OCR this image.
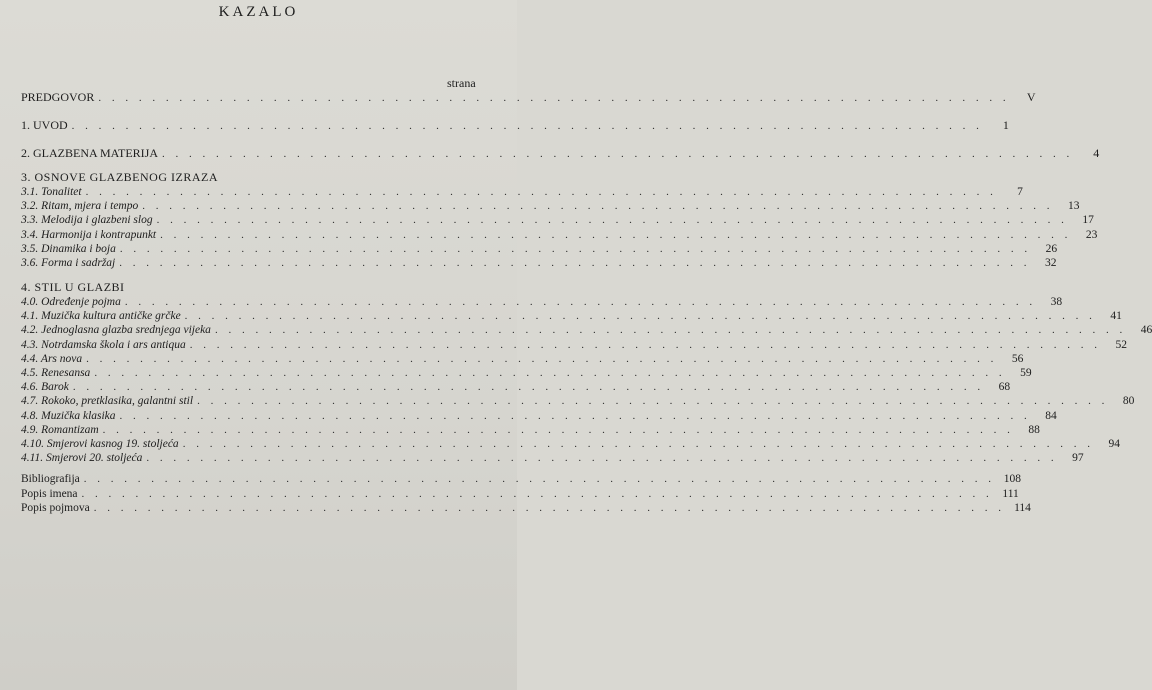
KAZALO
strana
PREDGOVOR . . . . . . . . . . . . . . . . . . . . . . . . . . . . . . . . . . . . . . . . . . . . . . . . . . . . . . . . . . . . . . . . . . . .	V
1. UVOD . . . . . . . . . . . . . . . . . . . . . . . . . . . . . . . . . . . . . . . . . . . . . . . . . . . . . . . . . . . . . . . . . . . .	1
2. GLAZBENA MATERIJA . . . . . . . . . . . . . . . . . . . . . . . . . . . . . . . . . . . . . . . . . . . . . . . . . . . . . . . . . . . . . . . . . . . .	4
3. OSNOVE GLAZBENOG IZRAZA
3.1. Tonalitet . . . . . . . . . . . . . . . . . . . . . . . . . . . . . . . . . . . . . . . . . . . . . . . . . . . . . . . . . . . . . . . . . . . .	7
3.2. Ritam, mjera i tempo . . . . . . . . . . . . . . . . . . . . . . . . . . . . . . . . . . . . . . . . . . . . . . . . . . . . . . . . . . . . . . . . . . . .	13
3.3. Melodija i glazbeni slog . . . . . . . . . . . . . . . . . . . . . . . . . . . . . . . . . . . . . . . . . . . . . . . . . . . . . . . . . . . . . . . . . . . .	17
3.4. Harmonija i kontrapunkt . . . . . . . . . . . . . . . . . . . . . . . . . . . . . . . . . . . . . . . . . . . . . . . . . . . . . . . . . . . . . . . . . . . .	23
3.5. Dinamika i boja . . . . . . . . . . . . . . . . . . . . . . . . . . . . . . . . . . . . . . . . . . . . . . . . . . . . . . . . . . . . . . . . . . . .	26
3.6. Forma i sadržaj . . . . . . . . . . . . . . . . . . . . . . . . . . . . . . . . . . . . . . . . . . . . . . . . . . . . . . . . . . . . . . . . . . . .	32
4. STIL U GLAZBI
4.0. Određenje pojma . . . . . . . . . . . . . . . . . . . . . . . . . . . . . . . . . . . . . . . . . . . . . . . . . . . . . . . . . . . . . . . . . . . .	38
4.1. Muzička kultura antičke grčke . . . . . . . . . . . . . . . . . . . . . . . . . . . . . . . . . . . . . . . . . . . . . . . . . . . . . . . . . . . . . . . . . . . .	41
4.2. Jednoglasna glazba srednjega vijeka . . . . . . . . . . . . . . . . . . . . . . . . . . . . . . . . . . . . . . . . . . . . . . . . . . . . . . . . . . . . . . . . . . . .	46
4.3. Notrdamska škola i ars antiqua . . . . . . . . . . . . . . . . . . . . . . . . . . . . . . . . . . . . . . . . . . . . . . . . . . . . . . . . . . . . . . . . . . . .	52
4.4. Ars nova . . . . . . . . . . . . . . . . . . . . . . . . . . . . . . . . . . . . . . . . . . . . . . . . . . . . . . . . . . . . . . . . . . . .	56
4.5. Renesansa . . . . . . . . . . . . . . . . . . . . . . . . . . . . . . . . . . . . . . . . . . . . . . . . . . . . . . . . . . . . . . . . . . . .	59
4.6. Barok . . . . . . . . . . . . . . . . . . . . . . . . . . . . . . . . . . . . . . . . . . . . . . . . . . . . . . . . . . . . . . . . . . . .	68
4.7. Rokoko, pretklasika, galantni stil . . . . . . . . . . . . . . . . . . . . . . . . . . . . . . . . . . . . . . . . . . . . . . . . . . . . . . . . . . . . . . . . . . . .	80
4.8. Muzička klasika . . . . . . . . . . . . . . . . . . . . . . . . . . . . . . . . . . . . . . . . . . . . . . . . . . . . . . . . . . . . . . . . . . . .	84
4.9. Romantizam . . . . . . . . . . . . . . . . . . . . . . . . . . . . . . . . . . . . . . . . . . . . . . . . . . . . . . . . . . . . . . . . . . . .	88
4.10. Smjerovi kasnog 19. stoljeća . . . . . . . . . . . . . . . . . . . . . . . . . . . . . . . . . . . . . . . . . . . . . . . . . . . . . . . . . . . . . . . . . . . .	94
4.11. Smjerovi 20. stoljeća . . . . . . . . . . . . . . . . . . . . . . . . . . . . . . . . . . . . . . . . . . . . . . . . . . . . . . . . . . . . . . . . . . . .	97
Bibliografija . . . . . . . . . . . . . . . . . . . . . . . . . . . . . . . . . . . . . . . . . . . . . . . . . . . . . . . . . . . . . . . . . . . . 108
Popis imena . . . . . . . . . . . . . . . . . . . . . . . . . . . . . . . . . . . . . . . . . . . . . . . . . . . . . . . . . . . . . . . . . . . . 111
Popis pojmova . . . . . . . . . . . . . . . . . . . . . . . . . . . . . . . . . . . . . . . . . . . . . . . . . . . . . . . . . . . . . . . . . . . . 114
